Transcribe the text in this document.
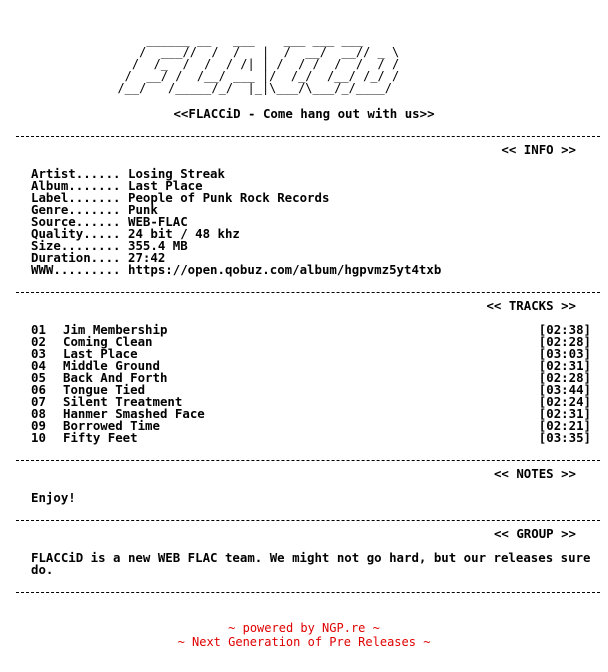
______ __   ___    ___ ___ ___
/  ___//  /  /   |  /  __/  __// _ \
/  /_  /  /  / /| | /  / /  /  /  / /
/  __/ /  /__/ ___ |/  /_/  /__/ /_/ /
/__/   /_____/_/  |_|\___/\___/_/____/
<<FLACCiD - Come hang out with us>>
<< INFO >>
Artist...... Losing Streak
Album....... Last Place
Label....... People of Punk Rock Records
Genre....... Punk
Source...... WEB-FLAC
Quality..... 24 bit / 48 khz
Size........ 355.4 MB
Duration.... 27:42
WWW......... https://open.qobuz.com/album/hgpvmz5yt4txb
<< TRACKS >>
01 Jim Membership	[02:38]
02 Coming Clean	[02:28]
03 Last Place	[03:03]
04 Middle Ground	[02:31]
05 Back And Forth	[02:28]
06 Tongue Tied	[03:44]
07 Silent Treatment	[02:24]
08 Hanmer Smashed Face	[02:31]
09 Borrowed Time	[02:21]
10 Fifty Feet	[03:35]
<< NOTES >>
Enjoy!
<< GROUP >>
FLACCiD is a new WEB FLAC team. We might not go hard, but our releases sure do.
~ powered by NGP.re ~
~ Next Generation of Pre Releases ~
